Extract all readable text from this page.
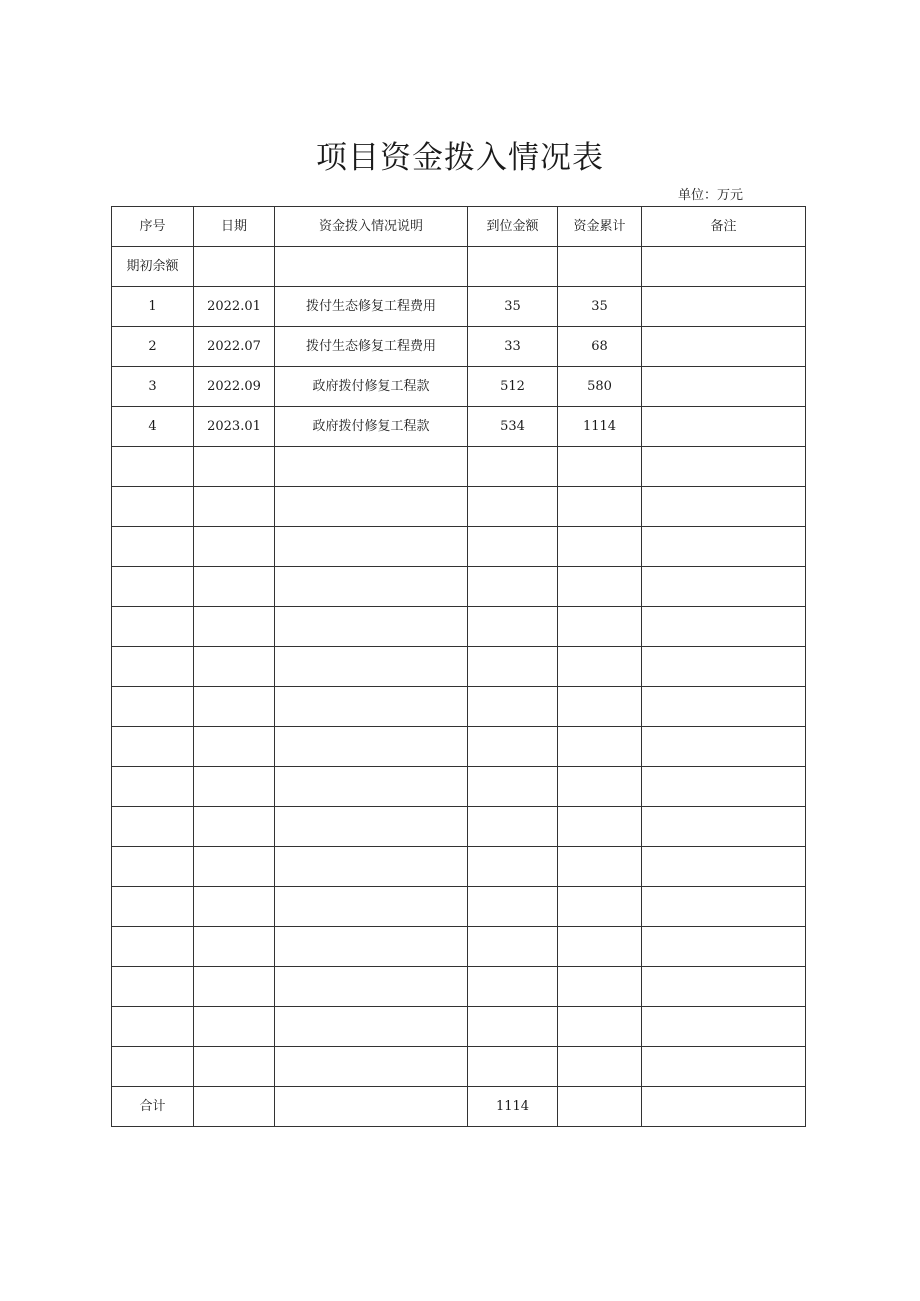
项目资金拨入情况表
单位：万元
序号	日期	资金拨入情况说明	到位金额	资金累计	备注
期初余额					
1	2022.01	拨付生态修复工程费用	35	35	
2	2022.07	拨付生态修复工程费用	33	68	
3	2022.09	政府拨付修复工程款	512	580	
4	2023.01	政府拨付修复工程款	534	1114	

合计			1114		
